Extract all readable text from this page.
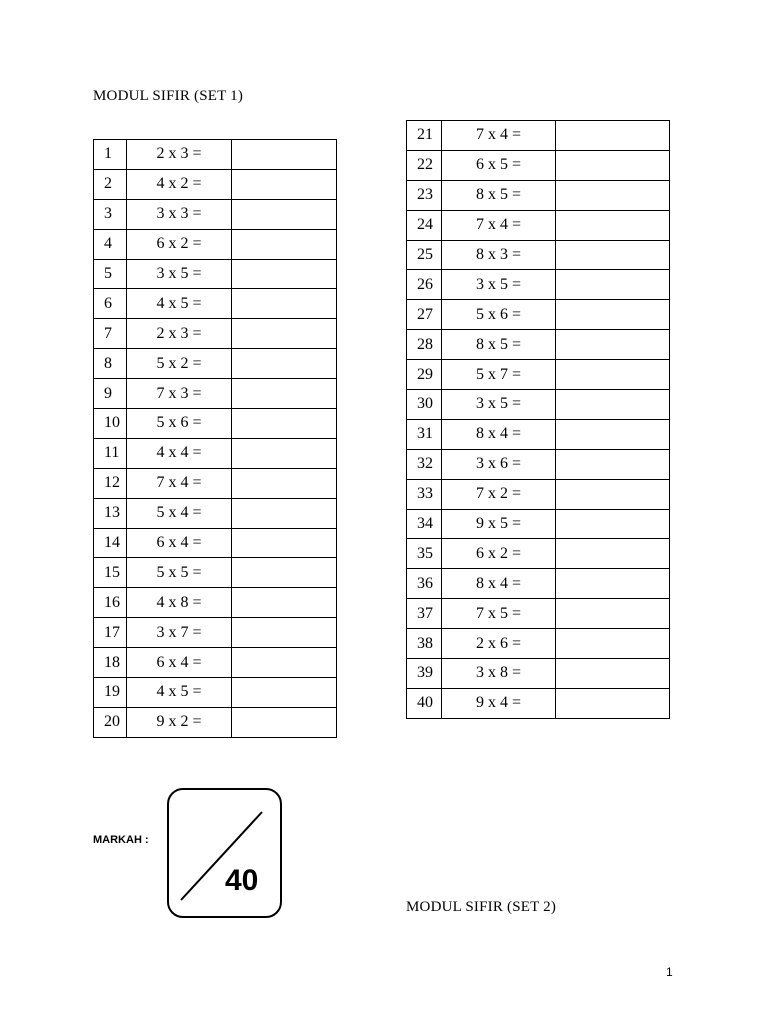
MODUL SIFIR (SET 1)
1	2 x 3 =	
2	4 x 2 =	
3	3 x 3 =	
4	6 x 2 =	
5	3 x 5 =	
6	4 x 5 =	
7	2 x 3 =	
8	5 x 2 =	
9	7 x 3 =	
10	5 x 6 =	
11	4 x 4 =	
12	7 x 4 =	
13	5 x 4 =	
14	6 x 4 =	
15	5 x 5 =	
16	4 x 8 =	
17	3 x 7 =	
18	6 x 4 =	
19	4 x 5 =	
20	9 x 2 =	
21	7 x 4 =	
22	6 x 5 =	
23	8 x 5 =	
24	7 x 4 =	
25	8 x 3 =	
26	3 x 5 =	
27	5 x 6 =	
28	8 x 5 =	
29	5 x 7 =	
30	3 x 5 =	
31	8 x 4 =	
32	3 x 6 =	
33	7 x 2 =	
34	9 x 5 =	
35	6 x 2 =	
36	8 x 4 =	
37	7 x 5 =	
38	2 x 6 =	
39	3 x 8 =	
40	9 x 4 =	
MARKAH :
40
MODUL SIFIR (SET 2)
1
